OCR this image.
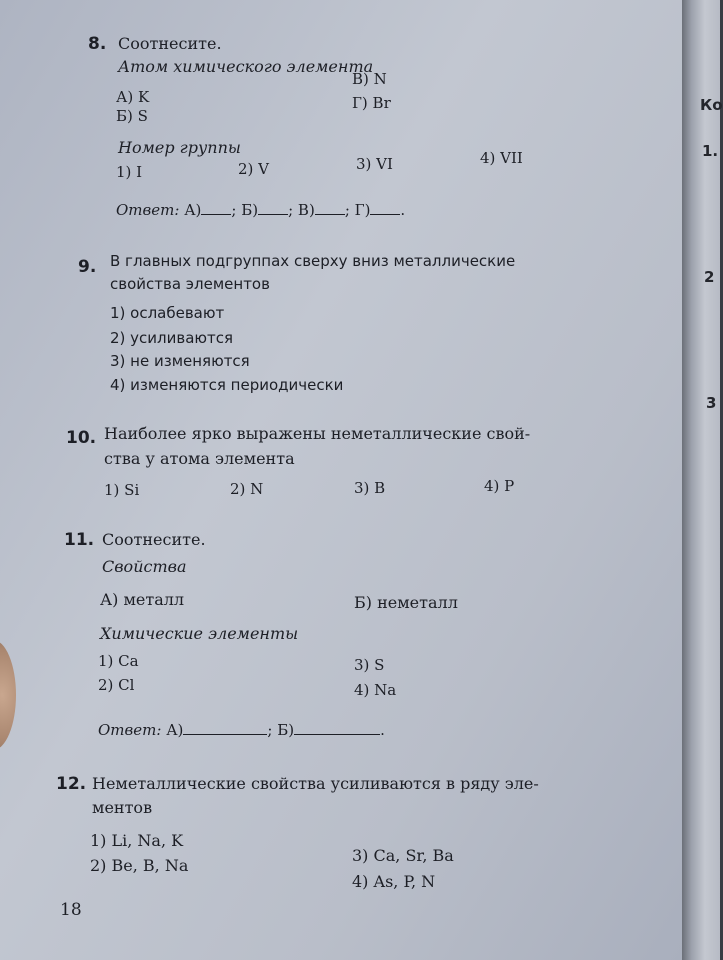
8. Соотнесите.
Атом химического элемента
А) K
Б) S
В) N
Г) Br
Номер группы
1) I	2) V	3) VI	4) VII
Ответ: А) ; Б) ; В) ; Г) .
9. В главных подгруппах сверху вниз металлические
свойства элементов
1) ослабевают
2) усиливаются
3) не изменяются
4) изменяются периодически
10. Наиболее ярко выражены неметаллические свой-
ства у атома элемента
1) Si	2) N	3) B	4) P
11. Соотнесите.
Свойства
А) металл	Б) неметалл
Химические элементы
1) Ca
2) Cl
3) S
4) Na
Ответ: А)	; Б)	.
12. Неметаллические свойства усиливаются в ряду эле-
ментов
1) Li, Na, K
2) Be, B, Na
3) Ca, Sr, Ba
4) As, P, N
18
Ко
1.
2
3
